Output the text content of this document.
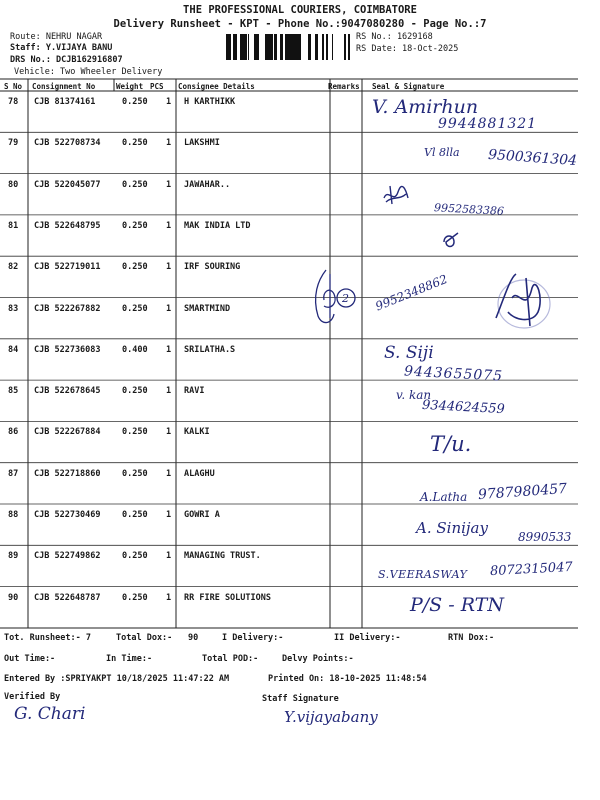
THE PROFESSIONAL COURIERS, COIMBATORE
Delivery Runsheet - KPT - Phone No.:9047080280 - Page No.:7
Route: NEHRU NAGAR
Staff: Y.VIJAYA BANU
DRS No.: DCJB162916807
Vehicle: Two Wheeler Delivery
RS No.: 1629168
RS Date: 18-Oct-2025
S No Consignment No	Weight PCS Consignee Details	Remarks Seal & Signature
78 CJB 81374161	0.250 1 H KARTHIKK
79 CJB 522708734	0.250 1 LAKSHMI
80 CJB 522045077	0.250 1 JAWAHAR..
81 CJB 522648795	0.250 1 MAK INDIA LTD
82 CJB 522719011	0.250 1 IRF SOURING
83 CJB 522267882	0.250 1 SMARTMIND
84 CJB 522736083	0.400 1 SRILATHA.S
85 CJB 522678645	0.250 1 RAVI
86 CJB 522267884	0.250 1 KALKI
87 CJB 522718860	0.250 1 ALAGHU
88 CJB 522730469	0.250 1 GOWRI A
89 CJB 522749862	0.250 1 MANAGING TRUST.
90 CJB 522648787	0.250 1 RR FIRE SOLUTIONS
V. Amirhun
9944881321
Vl 8lla 9500361304
9952583386
2 9952348862
S. Siji
9443655075
v. kan
9344624559
T/u.
A.Latha 9787980457
A. Sinijay	8990533
S.VEERASWAY 8072315047
P/S - RTN
Tot. Runsheet:- 7	Total Dox:- 90	I Delivery:-	II Delivery:-	RTN Dox:-
Out Time:-	In Time:-	Total POD:-	Delvy Points:-
Entered By :SPRIYAKPT 10/18/2025 11:47:22 AM	Printed On: 18-10-2025 11:48:54
Verified By	Staff Signature
G. Chari	Y.vijayabany
